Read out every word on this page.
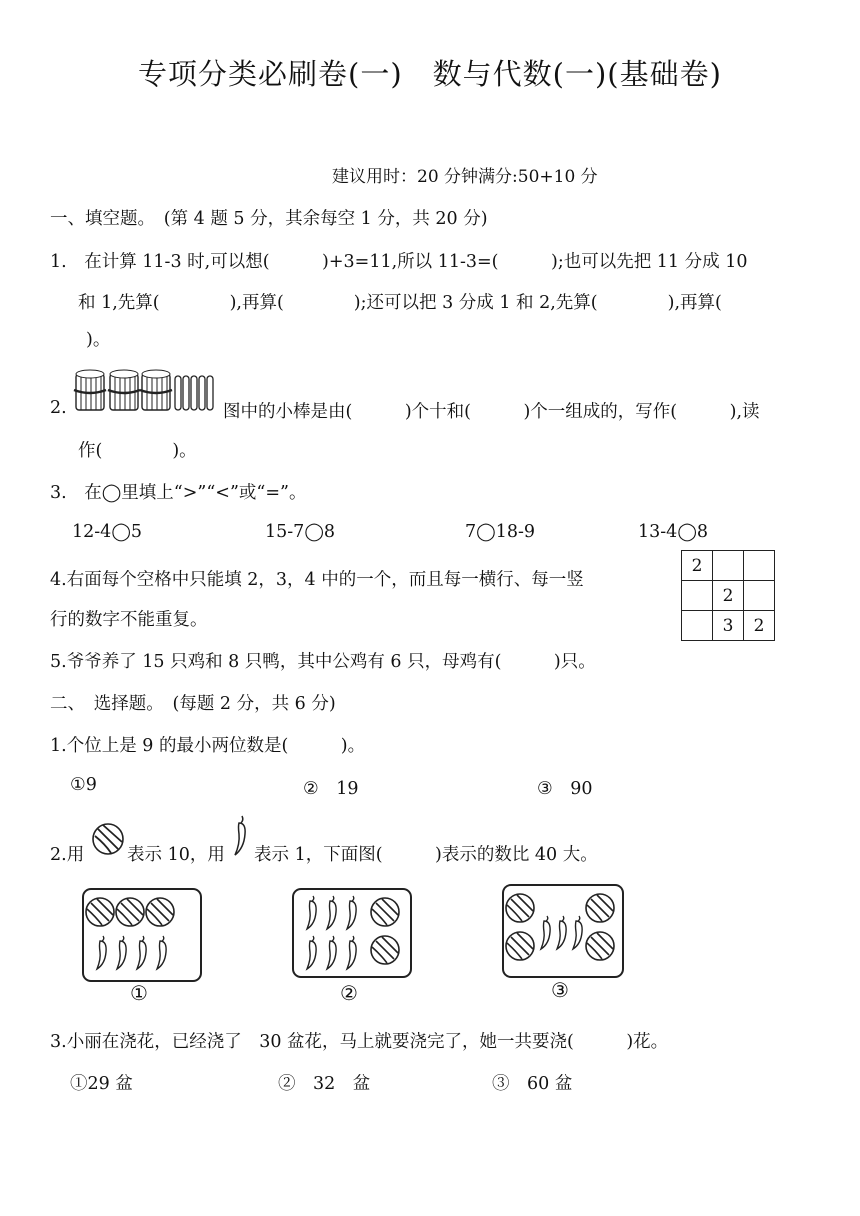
专项分类必刷卷(一)　数与代数(一)(基础卷)
建议用时：20 分钟满分:50+10 分
一、填空题。　(第 4 题 5 分，其余每空 1 分，共 20 分)
1.　在计算 11-3 时,可以想(　　　)+3=11,所以 11-3=(　　　);也可以先把 11 分成 10
和 1,先算(　　　　),再算(　　　　);还可以把 3 分成 1 和 2,先算(　　　　),再算(
)。
2.	图中的小棒是由(　　　)个十和(　　　)个一组成的，写作(　　　),读
作(　　　　)。
3.　在◯里填上“>”“<”或“=”。
12-4◯5	15-7◯8	7◯18-9	13-4◯8
4.右面每个空格中只能填 2，3，4 中的一个，而且每一横行、每一竖
行的数字不能重复。
2		
	2	
	3	2
5.爷爷养了 15 只鸡和 8 只鸭，其中公鸡有 6 只，母鸡有(　　　)只。
二、　选择题。　(每题 2 分，共 6 分)
1.个位上是 9 的最小两位数是(　　　)。
①9	②　19	③　90
2.用 表示 10，用 表示 1，下面图(　　　)表示的数比 40 大。
①	②	③
3.小丽在浇花，已经浇了　30 盆花，马上就要浇完了，她一共要浇(　　　)花。
①29 盆	②　32　盆	③　60 盆
